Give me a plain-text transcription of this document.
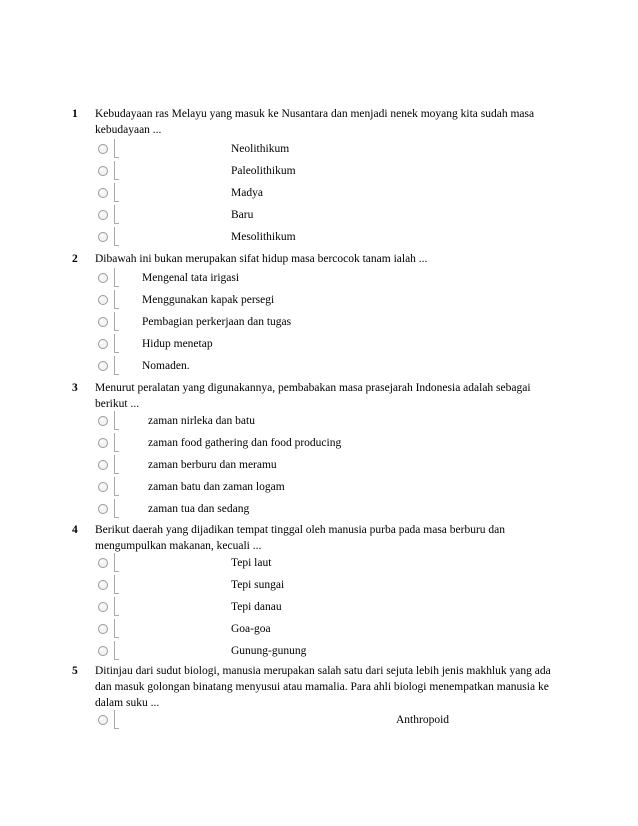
1 Kebudayaan ras Melayu yang masuk ke Nusantara dan menjadi nenek moyang kita sudah masa kebudayaan ...
Neolithikum
Paleolithikum
Madya
Baru
Mesolithikum
2 Dibawah ini bukan merupakan sifat hidup masa bercocok tanam ialah ...
Mengenal tata irigasi
Menggunakan kapak persegi
Pembagian perkerjaan dan tugas
Hidup menetap
Nomaden.
3 Menurut peralatan yang digunakannya, pembabakan masa prasejarah Indonesia adalah sebagai berikut ...
zaman nirleka dan batu
zaman food gathering dan food producing
zaman berburu dan meramu
zaman batu dan zaman logam
zaman tua dan sedang
4 Berikut daerah yang dijadikan tempat tinggal oleh manusia purba pada masa berburu dan mengumpulkan makanan, kecuali ...
Tepi laut
Tepi sungai
Tepi danau
Goa-goa
Gunung-gunung
5 Ditinjau dari sudut biologi, manusia merupakan salah satu dari sejuta lebih jenis makhluk yang ada dan masuk golongan binatang menyusui atau mamalia. Para ahli biologi menempatkan manusia ke dalam suku ...
Anthropoid
